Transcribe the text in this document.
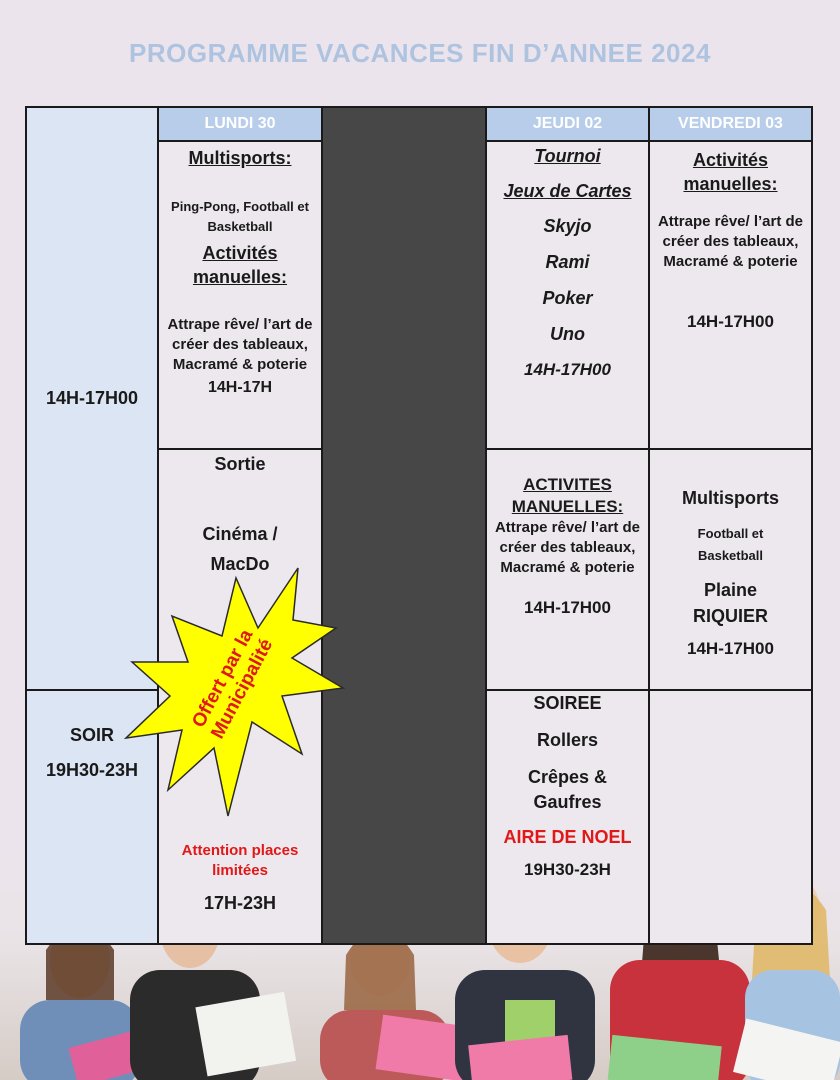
PROGRAMME VACANCES FIN D’ANNEE 2024
14H-17H00
SOIR
19H30-23H
LUNDI 30	JEUDI 02	VENDREDI 03
Multisports:
Ping-Pong, Football et Basketball
Activités manuelles:
Attrape rêve/ l’art de créer des tableaux, Macramé & poterie
14H-17H
Sortie
Cinéma / MacDo
Attention places limitées
17H-23H
Offert par la Municipalité
Tournoi
Jeux de Cartes
Skyjo
Rami
Poker
Uno
14H-17H00
ACTIVITES MANUELLES:
Attrape rêve/ l’art de créer des tableaux, Macramé & poterie
14H-17H00
SOIREE
Rollers
Crêpes & Gaufres
AIRE DE NOEL
19H30-23H
Activités manuelles:
Attrape rêve/ l’art de créer des tableaux, Macramé & poterie
14H-17H00
Multisports
Football et Basketball
Plaine RIQUIER
14H-17H00
